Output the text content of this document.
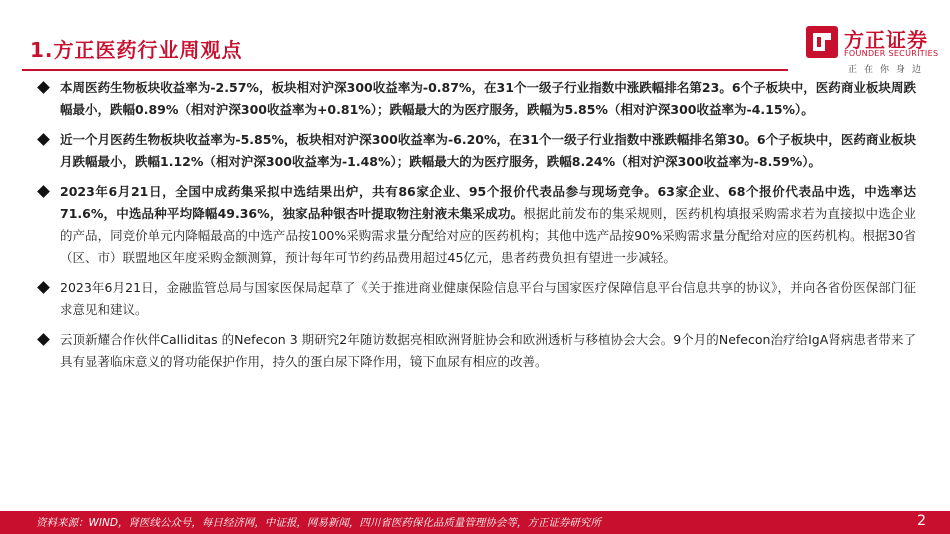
1.方正医药行业周观点	方正证券
FOUNDER SECURITIES
正在你身边
本周医药生物板块收益率为-2.57%，板块相对沪深300收益率为-0.87%，在31个一级子行业指数中涨跌幅排名第23。6个子板块中，医药商业板块周跌幅最小，跌幅0.89%（相对沪深300收益率为+0.81%）；跌幅最大的为医疗服务，跌幅为5.85%（相对沪深300收益率为-4.15%）。
近一个月医药生物板块收益率为-5.85%，板块相对沪深300收益率为-6.20%，在31个一级子行业指数中涨跌幅排名第30。6个子板块中，医药商业板块月跌幅最小，跌幅1.12%（相对沪深300收益率为-1.48%）；跌幅最大的为医疗服务，跌幅8.24%（相对沪深300收益率为-8.59%）。
2023年6月21日，全国中成药集采拟中选结果出炉，共有86家企业、95个报价代表品参与现场竞争。63家企业、68个报价代表品中选，中选率达71.6%，中选品种平均降幅49.36%，独家品种银杏叶提取物注射液未集采成功。根据此前发布的集采规则，医药机构填报采购需求若为直接拟中选企业的产品，同竞价单元内降幅最高的中选产品按100%采购需求量分配给对应的医药机构；其他中选产品按90%采购需求量分配给对应的医药机构。根据30省（区、市）联盟地区年度采购金额测算，预计每年可节约药品费用超过45亿元，患者药费负担有望进一步减轻。
2023年6月21日，金融监管总局与国家医保局起草了《关于推进商业健康保险信息平台与国家医疗保障信息平台信息共享的协议》，并向各省份医保部门征求意见和建议。
云顶新耀合作伙伴Calliditas 的Nefecon 3 期研究2年随访数据亮相欧洲肾脏协会和欧洲透析与移植协会大会。9个月的Nefecon治疗给IgA肾病患者带来了具有显著临床意义的肾功能保护作用，持久的蛋白尿下降作用，镜下血尿有相应的改善。
资料来源：WIND，肾医线公众号，每日经济网，中证报，网易新闻，四川省医药保化品质量管理协会等，方正证券研究所	2
